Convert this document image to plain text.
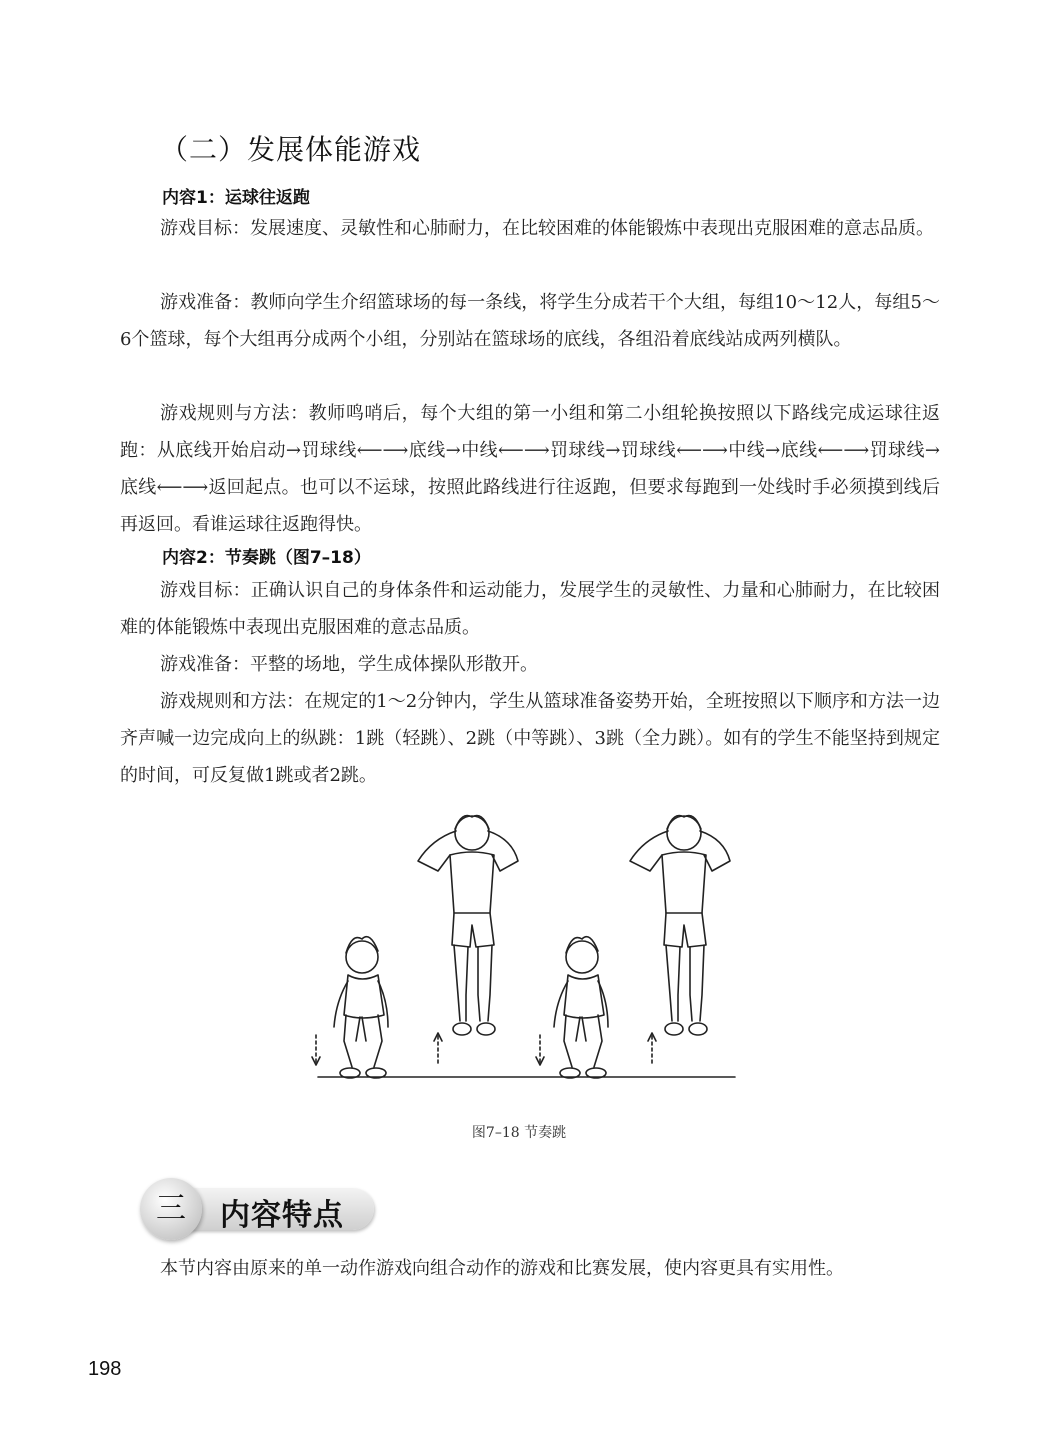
（二）发展体能游戏
内容1：运球往返跑

游戏目标：发展速度、灵敏性和心肺耐力，在比较困难的体能锻炼中表现出克服困难的意志品质。

游戏准备：教师向学生介绍篮球场的每一条线，将学生分成若干个大组，每组10～12人，每组5～6个篮球，每个大组再分成两个小组，分别站在篮球场的底线，各组沿着底线站成两列横队。

游戏规则与方法：教师鸣哨后，每个大组的第一小组和第二小组轮换按照以下路线完成运球往返跑：从底线开始启动→罚球线⟵⟶底线→中线⟵⟶罚球线→罚球线⟵⟶中线→底线⟵⟶罚球线→底线⟵⟶返回起点。也可以不运球，按照此路线进行往返跑，但要求每跑到一处线时手必须摸到线后再返回。看谁运球往返跑得快。

内容2：节奏跳（图7–18）

游戏目标：正确认识自己的身体条件和运动能力，发展学生的灵敏性、力量和心肺耐力，在比较困难的体能锻炼中表现出克服困难的意志品质。

游戏准备：平整的场地，学生成体操队形散开。

游戏规则和方法：在规定的1～2分钟内，学生从篮球准备姿势开始，全班按照以下顺序和方法一边齐声喊一边完成向上的纵跳：1跳（轻跳）、2跳（中等跳）、3跳（全力跳）。如有的学生不能坚持到规定的时间，可反复做1跳或者2跳。

图7–18 节奏跳
三	内容特点

本节内容由原来的单一动作游戏向组合动作的游戏和比赛发展，使内容更具有实用性。

198
